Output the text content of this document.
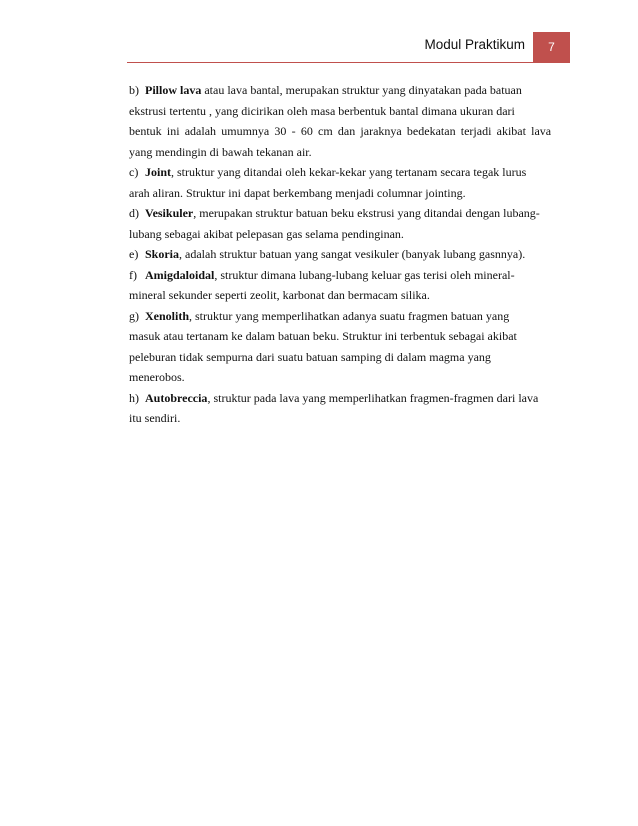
Modul Praktikum	7
b) Pillow lava atau lava bantal, merupakan struktur yang dinyatakan pada batuan
ekstrusi tertentu , yang dicirikan oleh masa berbentuk bantal dimana ukuran dari
bentuk ini adalah umumnya 30 - 60 cm dan jaraknya bedekatan terjadi akibat lava
yang mendingin di bawah tekanan air.
c) Joint, struktur yang ditandai oleh kekar-kekar yang tertanam secara tegak lurus
arah aliran. Struktur ini dapat berkembang menjadi columnar jointing.
d) Vesikuler, merupakan struktur batuan beku ekstrusi yang ditandai dengan lubang-
lubang sebagai akibat pelepasan gas selama pendinginan.
e) Skoria, adalah struktur batuan yang sangat vesikuler (banyak lubang gasnnya).
f) Amigdaloidal, struktur dimana lubang-lubang keluar gas terisi oleh mineral-
mineral sekunder seperti zeolit, karbonat dan bermacam silika.
g) Xenolith, struktur yang memperlihatkan adanya suatu fragmen batuan yang
masuk atau tertanam ke dalam batuan beku. Struktur ini terbentuk sebagai akibat
peleburan tidak sempurna dari suatu batuan samping di dalam magma yang
menerobos.
h) Autobreccia, struktur pada lava yang memperlihatkan fragmen-fragmen dari lava
itu sendiri.
